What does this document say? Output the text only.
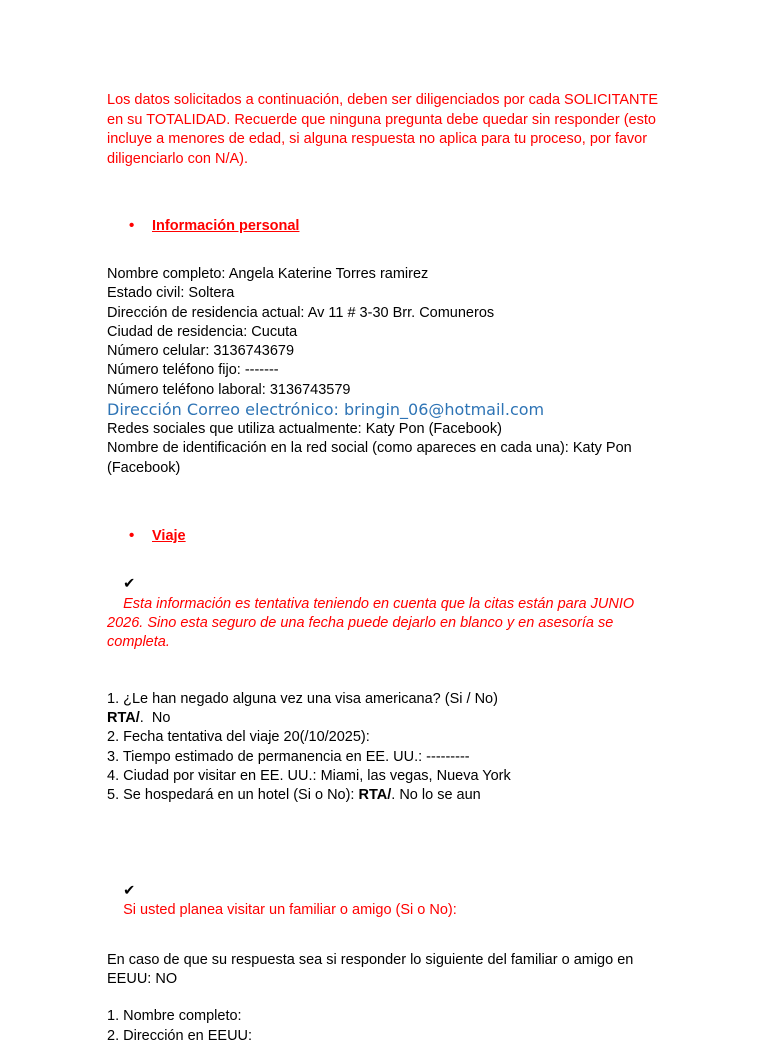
Los datos solicitados a continuación, deben ser diligenciados por cada SOLICITANTE en su TOTALIDAD. Recuerde que ninguna pregunta debe quedar sin responder (esto incluye a menores de edad, si alguna respuesta no aplica para tu proceso, por favor diligenciarlo con N/A).
• Información personal
Nombre completo: Angela Katerine Torres ramirez
Estado civil: Soltera
Dirección de residencia actual: Av 11 # 3-30 Brr. Comuneros
Ciudad de residencia: Cucuta
Número celular: 3136743679
Número teléfono fijo: -------
Número teléfono laboral: 3136743579
Dirección Correo electrónico: bringin_06@hotmail.com
Redes sociales que utiliza actualmente: Katy Pon (Facebook)
Nombre de identificación en la red social (como apareces en cada una): Katy Pon (Facebook)
• Viaje

✔
Esta información es tentativa teniendo en cuenta que la citas están para JUNIO 2026. Sino esta seguro de una fecha puede dejarlo en blanco y en asesoría se completa.

1. ¿Le han negado alguna vez una visa americana? (Si / No)
RTA/.  No
2. Fecha tentativa del viaje 20(/10/2025):
3. Tiempo estimado de permanencia en EE. UU.: ---------
4. Ciudad por visitar en EE. UU.: Miami, las vegas, Nueva York
5. Se hospedará en un hotel (Si o No): RTA/. No lo se aun

✔
Si usted planea visitar un familiar o amigo (Si o No):

En caso de que su respuesta sea si responder lo siguiente del familiar o amigo en EEUU: NO
1. Nombre completo:
2. Dirección en EEUU:
